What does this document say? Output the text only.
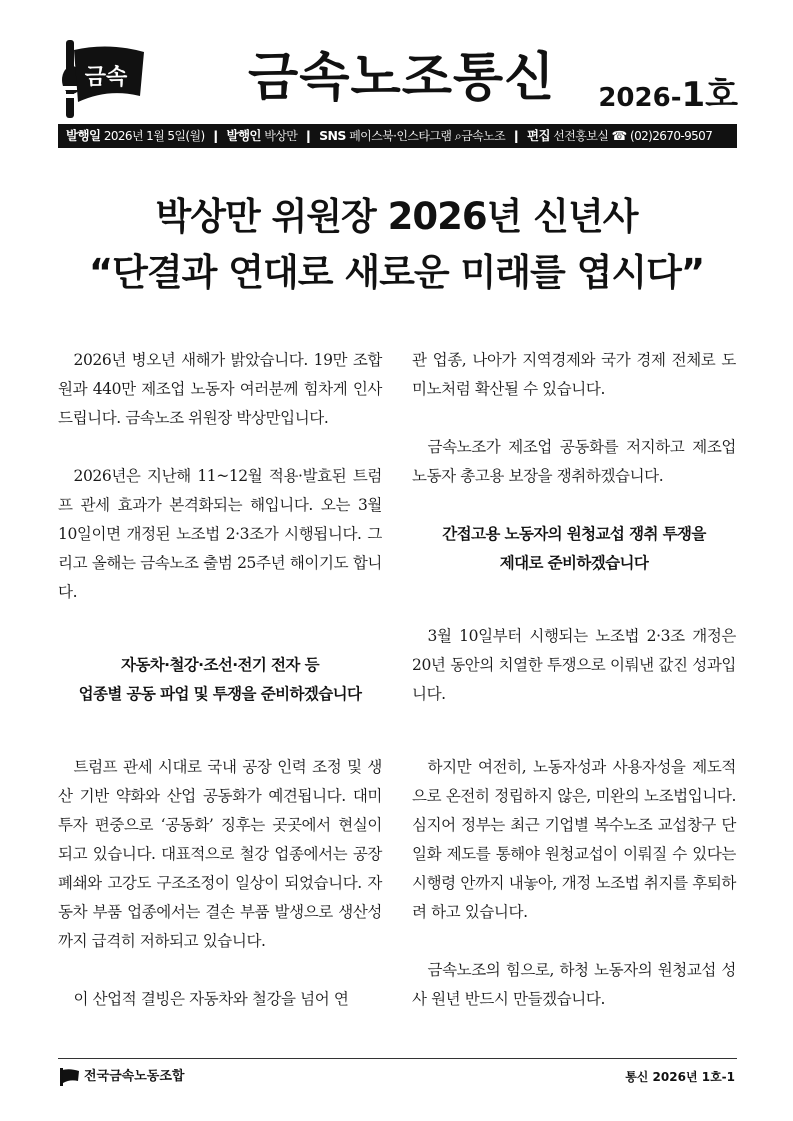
금속 금속노조통신 2026-1호
발행일 2026년 1월 5일(월) ❙ 발행인 박상만 ❙ SNS 페이스북·인스타그램 ⌕금속노조 ❙ 편집 선전홍보실 ☎ (02)2670-9507
박상만 위원장 2026년 신년사
“단결과 연대로 새로운 미래를 엽시다”

2026년 병오년 새해가 밝았습니다. 19만 조합원과 440만 제조업 노동자 여러분께 힘차게 인사드립니다. 금속노조 위원장 박상만입니다.

2026년은 지난해 11~12월 적용·발효된 트럼프 관세 효과가 본격화되는 해입니다. 오는 3월 10일이면 개정된 노조법 2·3조가 시행됩니다. 그리고 올해는 금속노조 출범 25주년 해이기도 합니다.

자동차·철강·조선·전기 전자 등
업종별 공동 파업 및 투쟁을 준비하겠습니다

트럼프 관세 시대로 국내 공장 인력 조정 및 생산 기반 약화와 산업 공동화가 예견됩니다. 대미 투자 편중으로 ‘공동화’ 징후는 곳곳에서 현실이 되고 있습니다. 대표적으로 철강 업종에서는 공장 폐쇄와 고강도 구조조정이 일상이 되었습니다. 자동차 부품 업종에서는 결손 부품 발생으로 생산성까지 급격히 저하되고 있습니다.

이 산업적 결빙은 자동차와 철강을 넘어 연

관 업종, 나아가 지역경제와 국가 경제 전체로 도미노처럼 확산될 수 있습니다.

금속노조가 제조업 공동화를 저지하고 제조업 노동자 총고용 보장을 쟁취하겠습니다.

간접고용 노동자의 원청교섭 쟁취 투쟁을
제대로 준비하겠습니다

3월 10일부터 시행되는 노조법 2·3조 개정은 20년 동안의 치열한 투쟁으로 이뤄낸 값진 성과입니다.

하지만 여전히, 노동자성과 사용자성을 제도적으로 온전히 정립하지 않은, 미완의 노조법입니다. 심지어 정부는 최근 기업별 복수노조 교섭창구 단일화 제도를 통해야 원청교섭이 이뤄질 수 있다는 시행령 안까지 내놓아, 개정 노조법 취지를 후퇴하려 하고 있습니다.

금속노조의 힘으로, 하청 노동자의 원청교섭 성사 원년 반드시 만들겠습니다.

전국금속노동조합	통신 2026년 1호-1
